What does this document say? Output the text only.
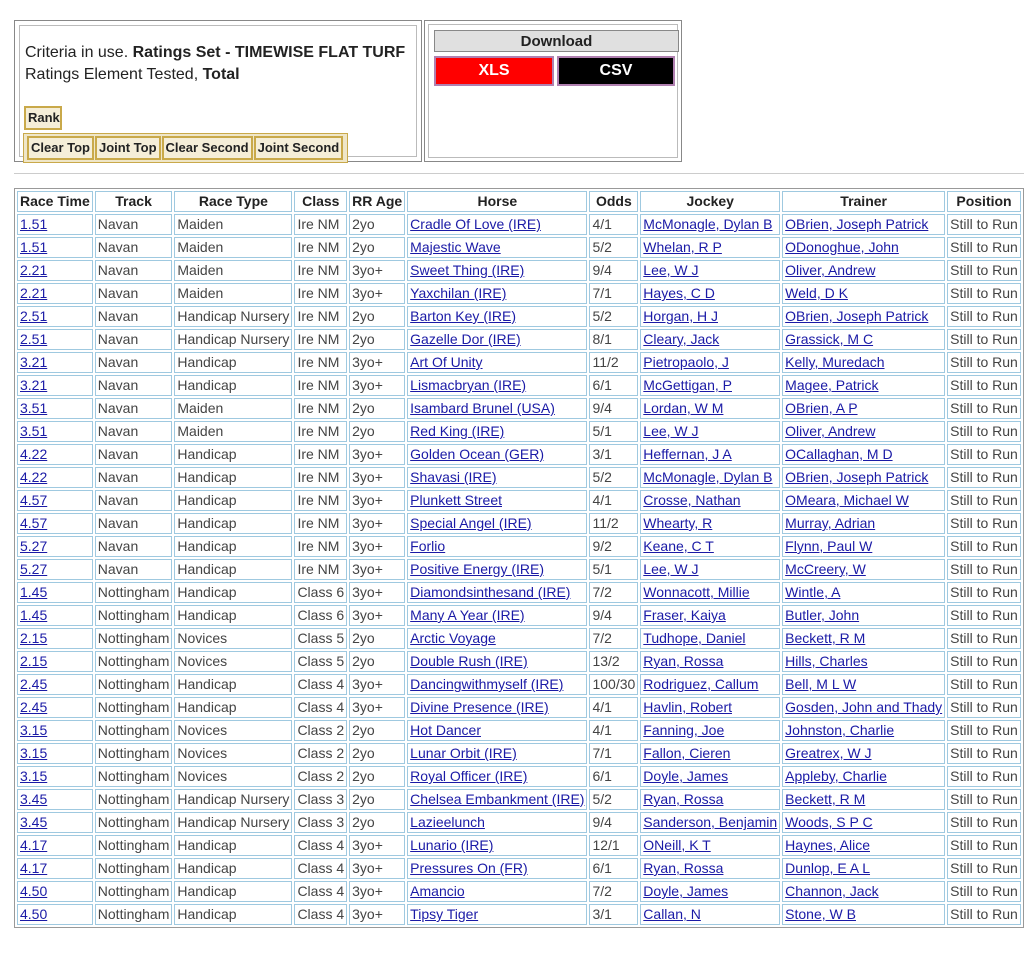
Criteria in use. Ratings Set - TIMEWISE FLAT TURF
Ratings Element Tested, Total
Rank
Clear Top Joint Top Clear Second Joint Second
Download
XLS	CSV
Race Time	Track	Race Type	Class	RR Age	Horse	Odds	Jockey	Trainer	Position
1.51	Navan	Maiden	Ire NM	2yo	Cradle Of Love (IRE)	4/1	McMonagle, Dylan B	OBrien, Joseph Patrick	Still to Run
1.51	Navan	Maiden	Ire NM	2yo	Majestic Wave	5/2	Whelan, R P	ODonoghue, John	Still to Run
2.21	Navan	Maiden	Ire NM	3yo+	Sweet Thing (IRE)	9/4	Lee, W J	Oliver, Andrew	Still to Run
2.21	Navan	Maiden	Ire NM	3yo+	Yaxchilan (IRE)	7/1	Hayes, C D	Weld, D K	Still to Run
2.51	Navan	Handicap Nursery	Ire NM	2yo	Barton Key (IRE)	5/2	Horgan, H J	OBrien, Joseph Patrick	Still to Run
2.51	Navan	Handicap Nursery	Ire NM	2yo	Gazelle Dor (IRE)	8/1	Cleary, Jack	Grassick, M C	Still to Run
3.21	Navan	Handicap	Ire NM	3yo+	Art Of Unity	11/2	Pietropaolo, J	Kelly, Muredach	Still to Run
3.21	Navan	Handicap	Ire NM	3yo+	Lismacbryan (IRE)	6/1	McGettigan, P	Magee, Patrick	Still to Run
3.51	Navan	Maiden	Ire NM	2yo	Isambard Brunel (USA)	9/4	Lordan, W M	OBrien, A P	Still to Run
3.51	Navan	Maiden	Ire NM	2yo	Red King (IRE)	5/1	Lee, W J	Oliver, Andrew	Still to Run
4.22	Navan	Handicap	Ire NM	3yo+	Golden Ocean (GER)	3/1	Heffernan, J A	OCallaghan, M D	Still to Run
4.22	Navan	Handicap	Ire NM	3yo+	Shavasi (IRE)	5/2	McMonagle, Dylan B	OBrien, Joseph Patrick	Still to Run
4.57	Navan	Handicap	Ire NM	3yo+	Plunkett Street	4/1	Crosse, Nathan	OMeara, Michael W	Still to Run
4.57	Navan	Handicap	Ire NM	3yo+	Special Angel (IRE)	11/2	Whearty, R	Murray, Adrian	Still to Run
5.27	Navan	Handicap	Ire NM	3yo+	Forlio	9/2	Keane, C T	Flynn, Paul W	Still to Run
5.27	Navan	Handicap	Ire NM	3yo+	Positive Energy (IRE)	5/1	Lee, W J	McCreery, W	Still to Run
1.45	Nottingham	Handicap	Class 6	3yo+	Diamondsinthesand (IRE)	7/2	Wonnacott, Millie	Wintle, A	Still to Run
1.45	Nottingham	Handicap	Class 6	3yo+	Many A Year (IRE)	9/4	Fraser, Kaiya	Butler, John	Still to Run
2.15	Nottingham	Novices	Class 5	2yo	Arctic Voyage	7/2	Tudhope, Daniel	Beckett, R M	Still to Run
2.15	Nottingham	Novices	Class 5	2yo	Double Rush (IRE)	13/2	Ryan, Rossa	Hills, Charles	Still to Run
2.45	Nottingham	Handicap	Class 4	3yo+	Dancingwithmyself (IRE)	100/30	Rodriguez, Callum	Bell, M L W	Still to Run
2.45	Nottingham	Handicap	Class 4	3yo+	Divine Presence (IRE)	4/1	Havlin, Robert	Gosden, John and Thady	Still to Run
3.15	Nottingham	Novices	Class 2	2yo	Hot Dancer	4/1	Fanning, Joe	Johnston, Charlie	Still to Run
3.15	Nottingham	Novices	Class 2	2yo	Lunar Orbit (IRE)	7/1	Fallon, Cieren	Greatrex, W J	Still to Run
3.15	Nottingham	Novices	Class 2	2yo	Royal Officer (IRE)	6/1	Doyle, James	Appleby, Charlie	Still to Run
3.45	Nottingham	Handicap Nursery	Class 3	2yo	Chelsea Embankment (IRE)	5/2	Ryan, Rossa	Beckett, R M	Still to Run
3.45	Nottingham	Handicap Nursery	Class 3	2yo	Lazieelunch	9/4	Sanderson, Benjamin	Woods, S P C	Still to Run
4.17	Nottingham	Handicap	Class 4	3yo+	Lunario (IRE)	12/1	ONeill, K T	Haynes, Alice	Still to Run
4.17	Nottingham	Handicap	Class 4	3yo+	Pressures On (FR)	6/1	Ryan, Rossa	Dunlop, E A L	Still to Run
4.50	Nottingham	Handicap	Class 4	3yo+	Amancio	7/2	Doyle, James	Channon, Jack	Still to Run
4.50	Nottingham	Handicap	Class 4	3yo+	Tipsy Tiger	3/1	Callan, N	Stone, W B	Still to Run
